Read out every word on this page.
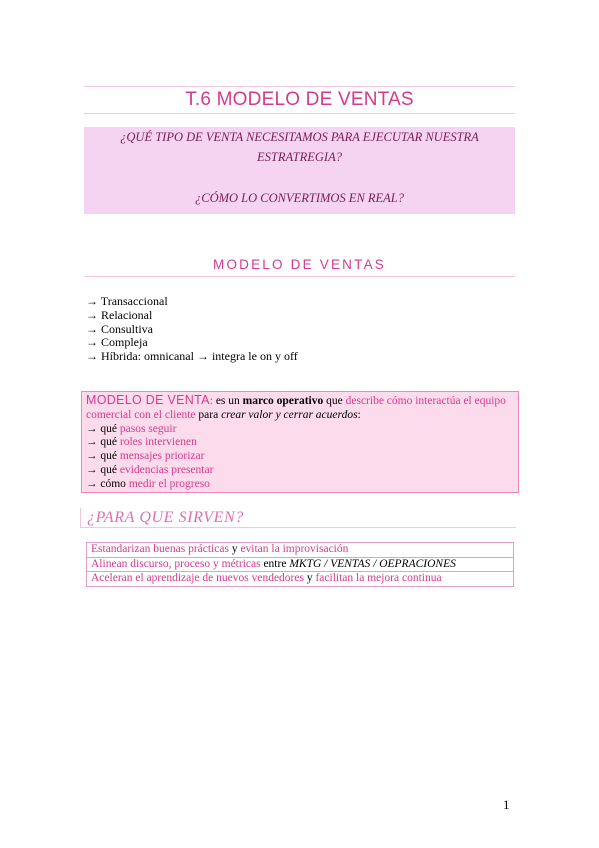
T.6 MODELO DE VENTAS
¿QUÉ TIPO DE VENTA NECESITAMOS PARA EJECUTAR NUESTRA
ESTRATREGIA?
¿CÓMO LO CONVERTIMOS EN REAL?
MODELO DE VENTAS
→ Transaccional
→ Relacional
→ Consultiva
→ Compleja
→ Híbrida: omnicanal → integra le on y off
MODELO DE VENTA: es un marco operativo que describe cómo interactúa el equipo comercial con el cliente para crear valor y cerrar acuerdos:
→ qué pasos seguir
→ qué roles intervienen
→ qué mensajes priorizar
→ qué evidencias presentar
→ cómo medir el progreso
¿PARA QUE SIRVEN?
Estandarizan buenas prácticas y evitan la improvisación
Alinean discurso, proceso y métricas entre MKTG / VENTAS / OEPRACIONES
Aceleran el aprendizaje de nuevos vendedores y facilitan la mejora continua
1
